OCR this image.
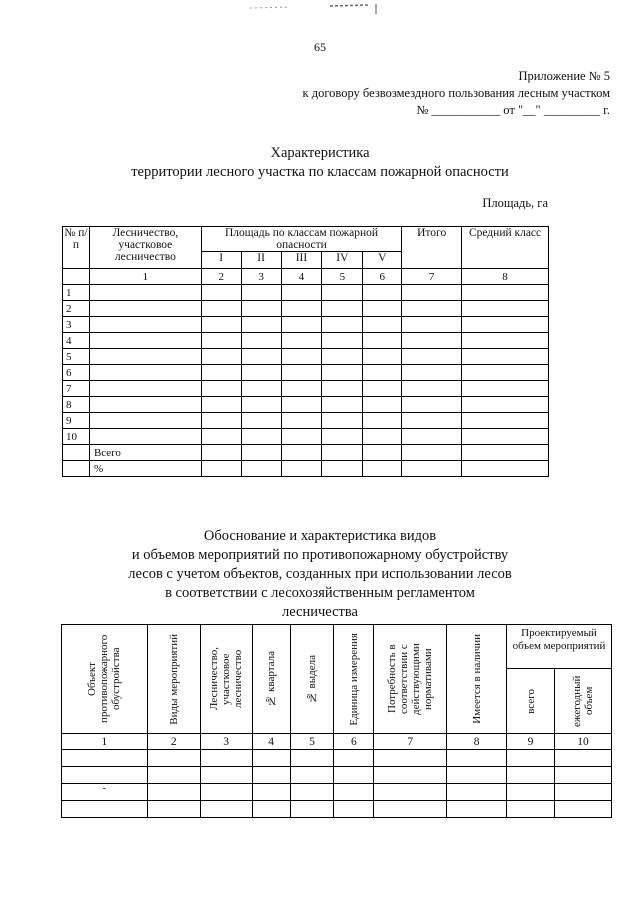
65
Приложение № 5
к договору безвозмездного пользования лесным участком
№ ___________ от "__" _________ г.
Характеристика
территории лесного участка по классам пожарной опасности
Площадь, га
№ п/п	Лесничество, участковое лесничество	Площадь по классам пожарной опасности					Итого	Средний класс
		I	II	III	IV	V		
	1	2	3	4	5	6	7	8
1								
2								
3								
4								
5								
6								
7								
8								
9								
10								
	Всего							
	%							
Обоснование и характеристика видов
и объемов мероприятий по противопожарному обустройству
лесов с учетом объектов, созданных при использовании лесов
в соответствии с лесохозяйственным регламентом
лесничества
Объект противопожарного обустройства	Виды мероприятий	Лесничество, участковое лесничество	№ квартала	№ выдела	Единица измерения	Потребность в соответствии с действующими нормативами	Имеется в наличии	Проектируемый объем мероприятий	

								всего	ежегодный объем

1	2	3	4	5	6	7	8	9	10

-									
